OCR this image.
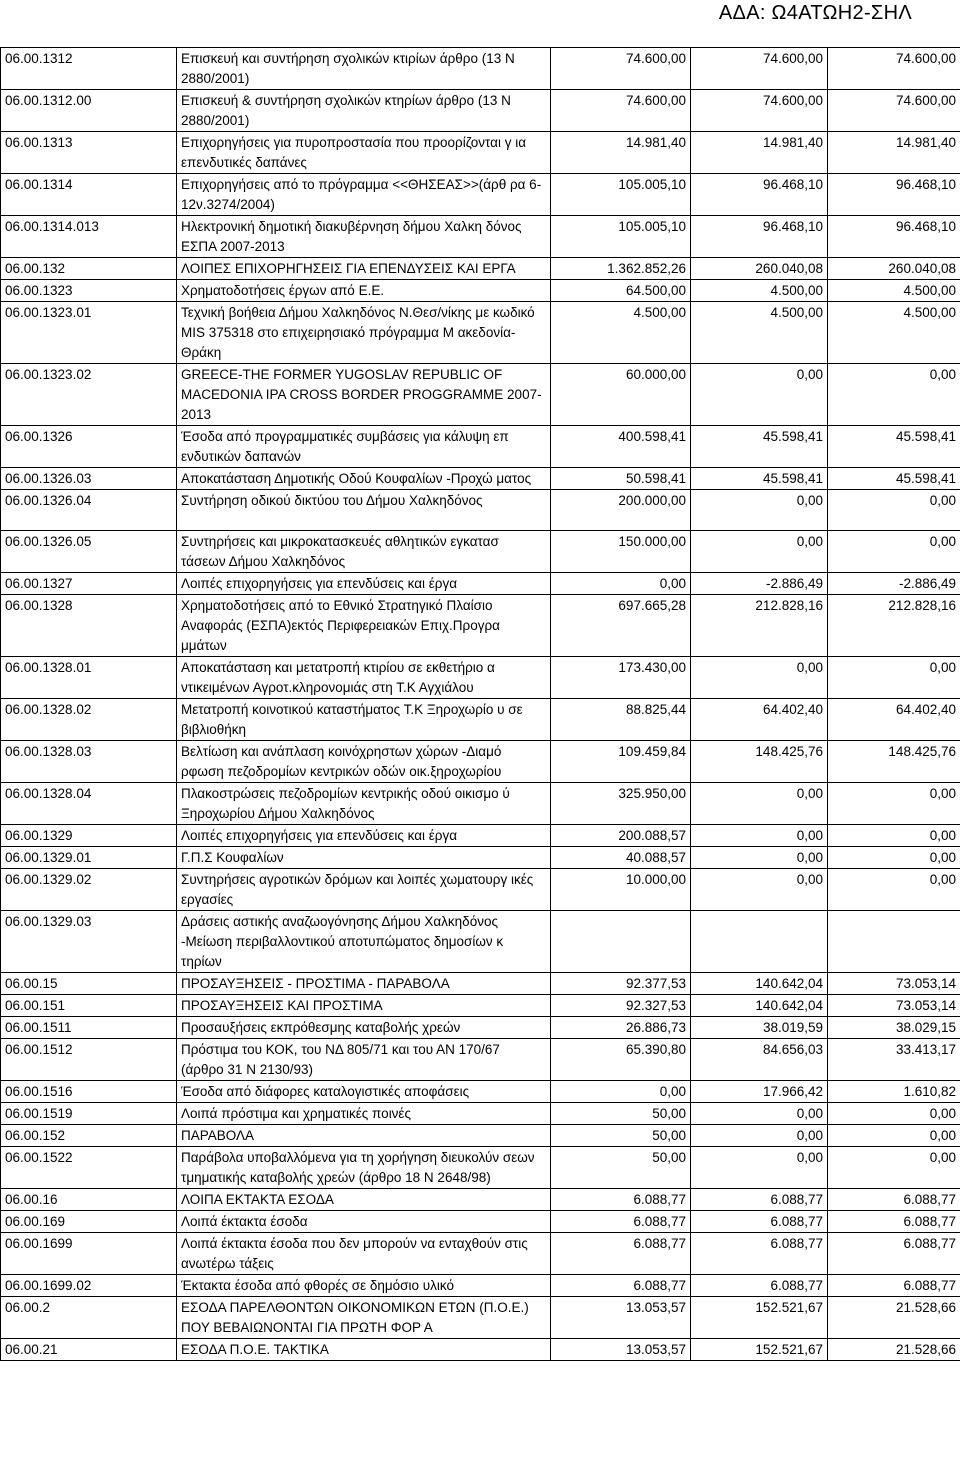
ΑΔΑ: Ω4ΑΤΩΗ2-ΣΗΛ
06.00.1312	Επισκευή και συντήρηση σχολικών κτιρίων άρθρο (13 Ν 2880/2001)	74.600,00	74.600,00	74.600,00
06.00.1312.00	Επισκευή & συντήρηση σχολικών κτηρίων άρθρο (13 Ν 2880/2001)	74.600,00	74.600,00	74.600,00
06.00.1313	Επιχορηγήσεις για πυροπροστασία που προορίζονται γ ια επενδυτικές δαπάνες	14.981,40	14.981,40	14.981,40
06.00.1314	Επιχορηγήσεις από το πρόγραμμα <<ΘΗΣΕΑΣ>>(άρθ ρα 6-12ν.3274/2004)	105.005,10	96.468,10	96.468,10
06.00.1314.013	Ηλεκτρονική δημοτική διακυβέρνηση δήμου Χαλκη δόνος ΕΣΠΑ 2007-2013	105.005,10	96.468,10	96.468,10
06.00.132	ΛΟΙΠΕΣ ΕΠΙΧΟΡΗΓΗΣΕΙΣ ΓΙΑ ΕΠΕΝΔΥΣΕΙΣ ΚΑΙ ΕΡΓΑ	1.362.852,26	260.040,08	260.040,08
06.00.1323	Χρηματοδοτήσεις έργων από Ε.Ε.	64.500,00	4.500,00	4.500,00
06.00.1323.01	Τεχνική βοήθεια Δήμου Χαλκηδόνος Ν.Θεσ/νίκης με κωδικό MIS 375318 στο επιχειρησιακό πρόγραμμα Μ ακεδονία-Θράκη	4.500,00	4.500,00	4.500,00
06.00.1323.02	GREECE-THE FORMER YUGOSLAV REPUBLIC OF MACEDONIA IPA CROSS BORDER PROGGRAMME 2007-2013	60.000,00	0,00	0,00
06.00.1326	Έσοδα από προγραμματικές συμβάσεις για κάλυψη επ ενδυτικών δαπανών	400.598,41	45.598,41	45.598,41
06.00.1326.03	Αποκατάσταση Δημοτικής Οδού Κουφαλίων -Προχώ ματος	50.598,41	45.598,41	45.598,41
06.00.1326.04	Συντήρηση οδικού δικτύου του Δήμου Χαλκηδόνος	200.000,00	0,00	0,00
06.00.1326.05	Συντηρήσεις και μικροκατασκευές αθλητικών εγκατασ τάσεων Δήμου Χαλκηδόνος	150.000,00	0,00	0,00
06.00.1327	Λοιπές επιχορηγήσεις για επενδύσεις και έργα	0,00	-2.886,49	-2.886,49
06.00.1328	Χρηματοδοτήσεις από το Εθνικό Στρατηγικό Πλαίσιο Αναφοράς (ΕΣΠΑ)εκτός Περιφερειακών Επιχ.Προγρα μμάτων	697.665,28	212.828,16	212.828,16
06.00.1328.01	Αποκατάσταση και μετατροπή κτιρίου σε εκθετήριο α ντικειμένων Αγροτ.κληρονομιάς στη Τ.Κ Αγχιάλου	173.430,00	0,00	0,00
06.00.1328.02	Μετατροπή κοινοτικού καταστήματος Τ.Κ Ξηροχωρίο υ σε βιβλιοθήκη	88.825,44	64.402,40	64.402,40
06.00.1328.03	Βελτίωση και ανάπλαση κοινόχρηστων χώρων -Διαμό ρφωση πεζοδρομίων κεντρικών οδών οικ.ξηροχωρίου	109.459,84	148.425,76	148.425,76
06.00.1328.04	Πλακοστρώσεις πεζοδρομίων κεντρικής οδού οικισμο ύ Ξηροχωρίου Δήμου Χαλκηδόνος	325.950,00	0,00	0,00
06.00.1329	Λοιπές επιχορηγήσεις για επενδύσεις και έργα	200.088,57	0,00	0,00
06.00.1329.01	Γ.Π.Σ Κουφαλίων	40.088,57	0,00	0,00
06.00.1329.02	Συντηρήσεις αγροτικών δρόμων και λοιπές χωματουργ ικές εργασίες	10.000,00	0,00	0,00
06.00.1329.03	Δράσεις αστικής αναζωογόνησης Δήμου Χαλκηδόνος -Μείωση περιβαλλοντικού αποτυπώματος δημοσίων κ τηρίων			
06.00.15	ΠΡΟΣΑΥΞΗΣΕΙΣ - ΠΡΟΣΤΙΜΑ - ΠΑΡΑΒΟΛΑ	92.377,53	140.642,04	73.053,14
06.00.151	ΠΡΟΣΑΥΞΗΣΕΙΣ ΚΑΙ ΠΡΟΣΤΙΜΑ	92.327,53	140.642,04	73.053,14
06.00.1511	Προσαυξήσεις εκπρόθεσμης καταβολής χρεών	26.886,73	38.019,59	38.029,15
06.00.1512	Πρόστιμα του ΚΟΚ, του ΝΔ 805/71 και του ΑΝ 170/67 (άρθρο 31 Ν 2130/93)	65.390,80	84.656,03	33.413,17
06.00.1516	Έσοδα από διάφορες καταλογιστικές αποφάσεις	0,00	17.966,42	1.610,82
06.00.1519	Λοιπά πρόστιμα και χρηματικές ποινές	50,00	0,00	0,00
06.00.152	ΠΑΡΑΒΟΛΑ	50,00	0,00	0,00
06.00.1522	Παράβολα υποβαλλόμενα για τη χορήγηση διευκολύν σεων τμηματικής καταβολής χρεών (άρθρο 18 Ν 2648/98)	50,00	0,00	0,00
06.00.16	ΛΟΙΠΑ ΕΚΤΑΚΤΑ ΕΣΟΔΑ	6.088,77	6.088,77	6.088,77
06.00.169	Λοιπά έκτακτα έσοδα	6.088,77	6.088,77	6.088,77
06.00.1699	Λοιπά έκτακτα έσοδα που δεν μπορούν να ενταχθούν στις ανωτέρω τάξεις	6.088,77	6.088,77	6.088,77
06.00.1699.02	Έκτακτα έσοδα από φθορές σε δημόσιο υλικό	6.088,77	6.088,77	6.088,77
06.00.2	ΕΣΟΔΑ ΠΑΡΕΛΘΟΝΤΩΝ ΟΙΚΟΝΟΜΙΚΩΝ ΕΤΩΝ (Π.Ο.Ε.) ΠΟΥ ΒΕΒΑΙΩΝΟΝΤΑΙ ΓΙΑ ΠΡΩΤΗ ΦΟΡ Α	13.053,57	152.521,67	21.528,66
06.00.21	ΕΣΟΔΑ Π.Ο.Ε. ΤΑΚΤΙΚΑ	13.053,57	152.521,67	21.528,66
